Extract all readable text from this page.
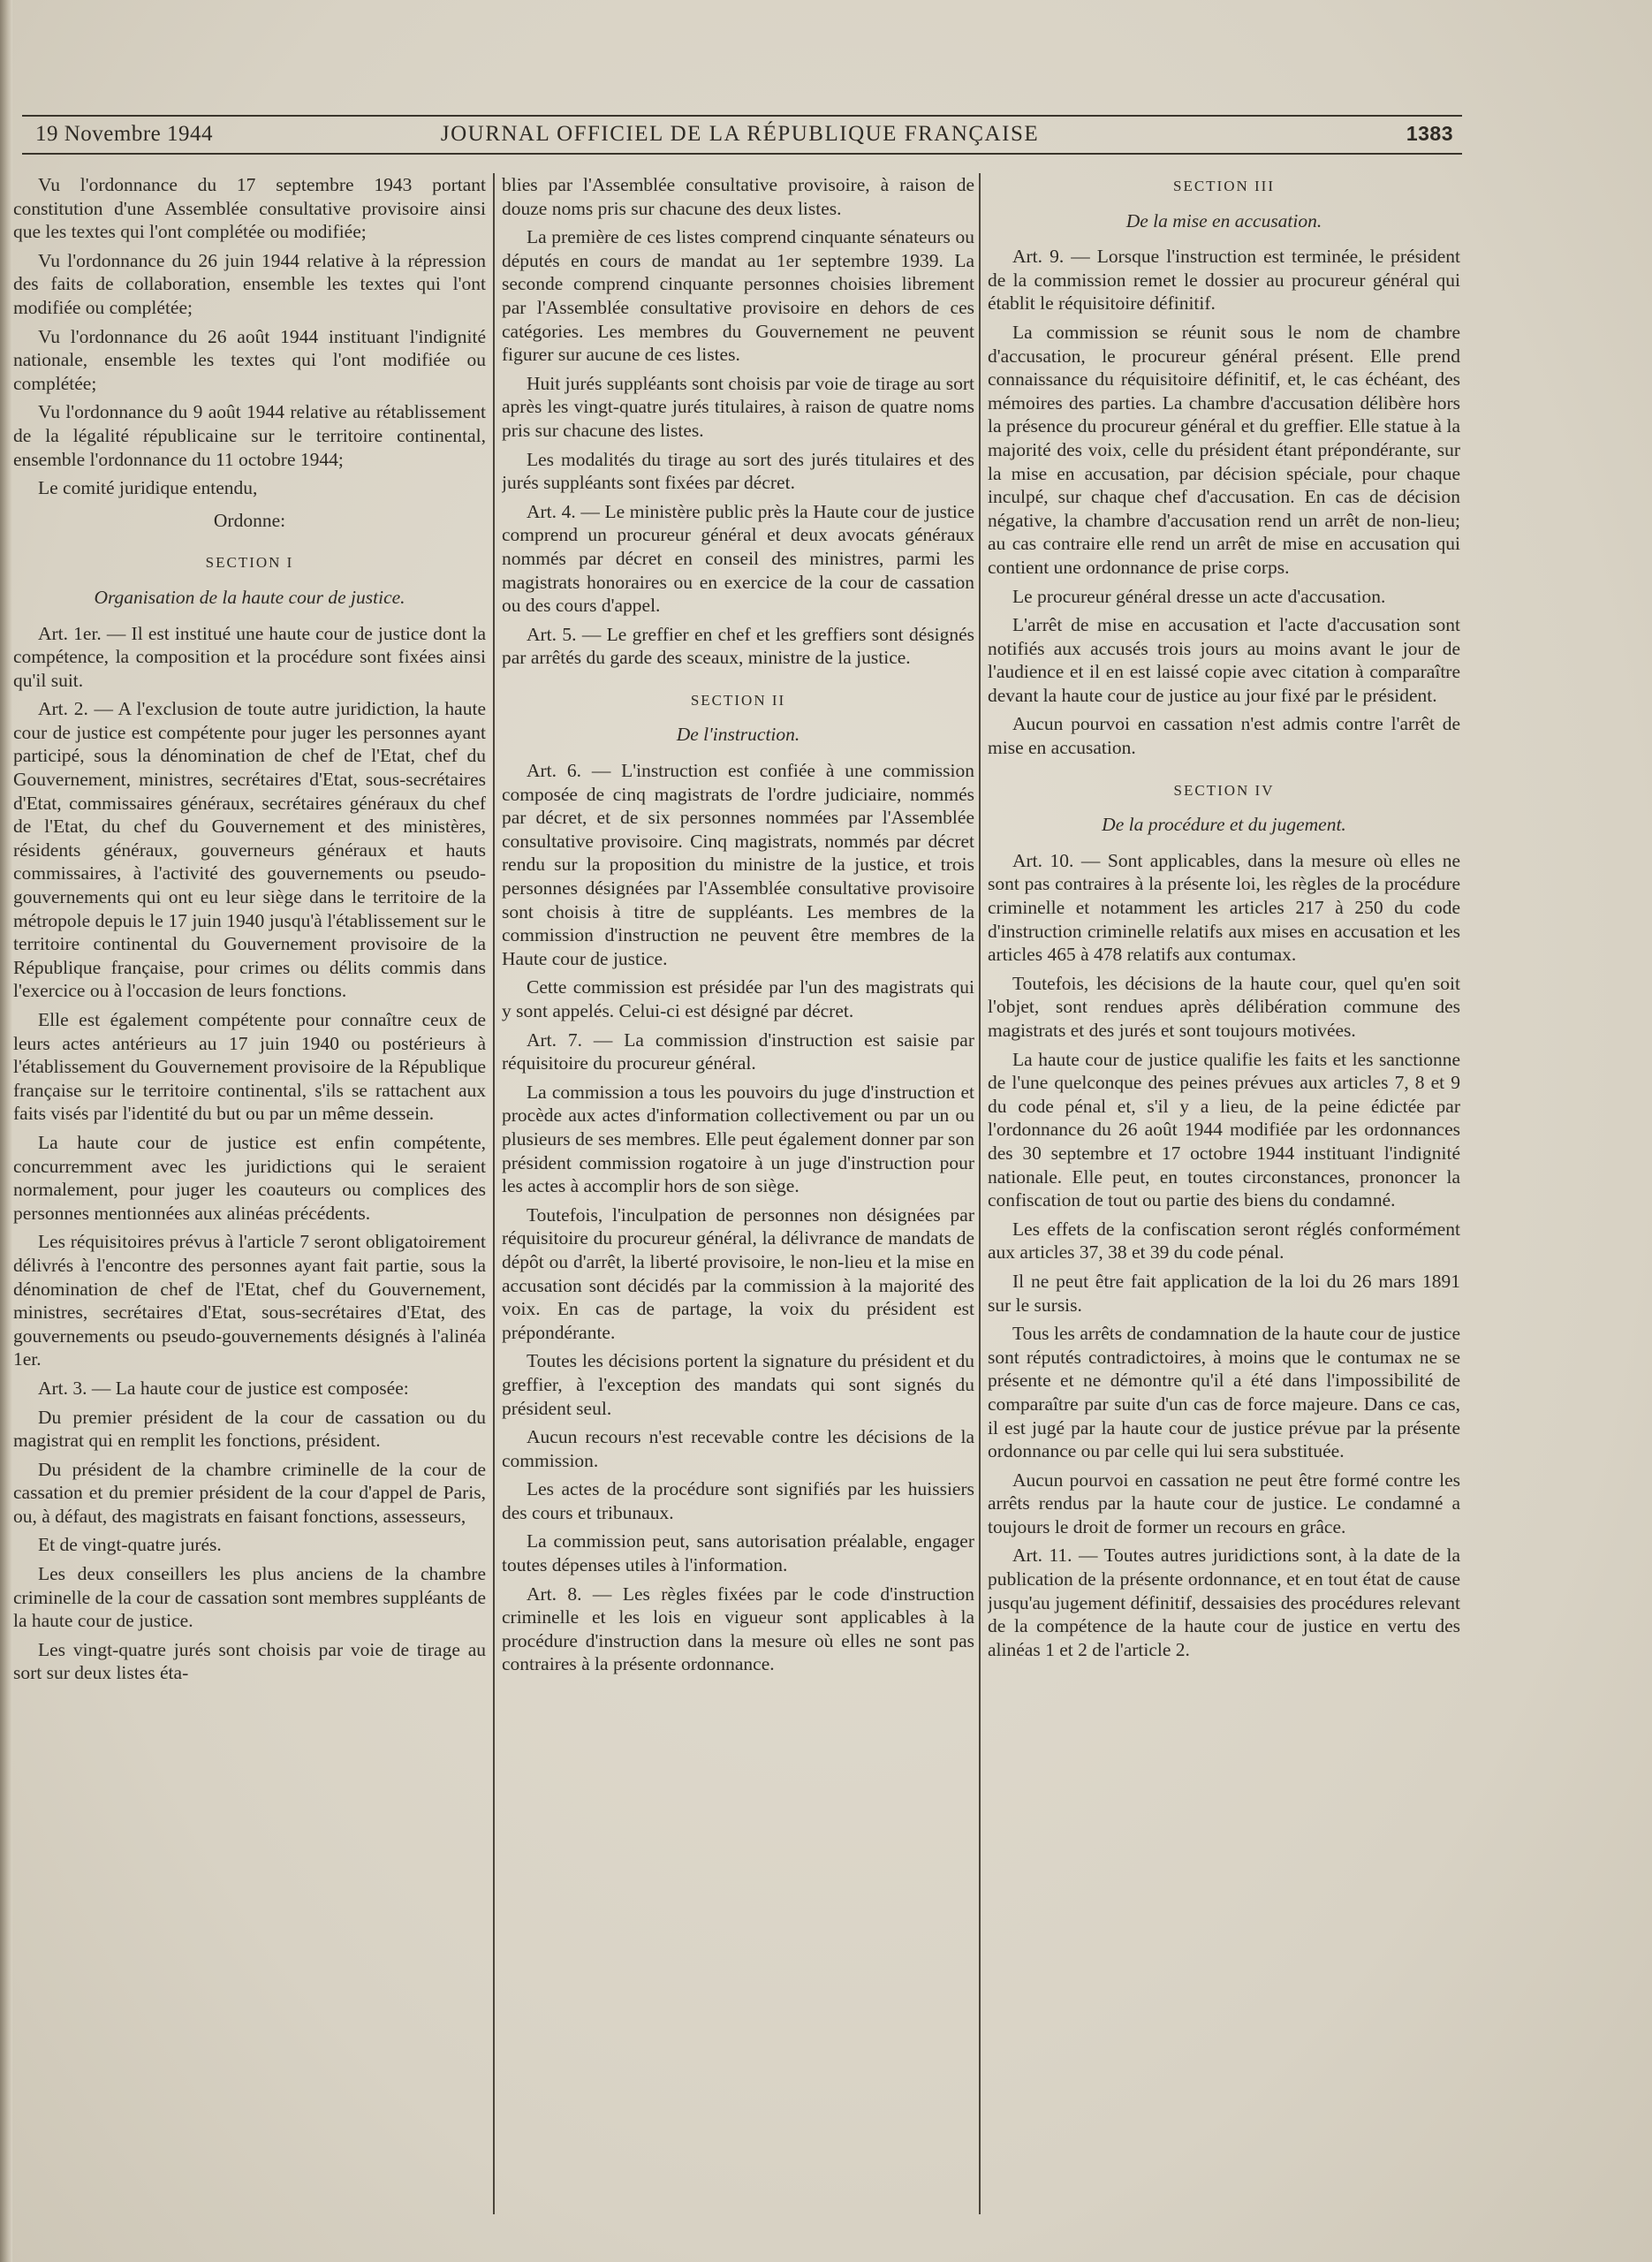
19 Novembre 1944	JOURNAL OFFICIEL DE LA RÉPUBLIQUE FRANÇAISE	1383

Vu l'ordonnance du 17 septembre 1943 portant constitution d'une Assemblée consultative provisoire ainsi que les textes qui l'ont complétée ou modifiée;

Vu l'ordonnance du 26 juin 1944 relative à la répression des faits de collaboration, ensemble les textes qui l'ont modifiée ou complétée;

Vu l'ordonnance du 26 août 1944 instituant l'indignité nationale, ensemble les textes qui l'ont modifiée ou complétée;

Vu l'ordonnance du 9 août 1944 relative au rétablissement de la légalité républicaine sur le territoire continental, ensemble l'ordonnance du 11 octobre 1944;

Le comité juridique entendu,

Ordonne:

SECTION I

Organisation de la haute cour de justice.

Art. 1er. — Il est institué une haute cour de justice dont la compétence, la composition et la procédure sont fixées ainsi qu'il suit.

Art. 2. — A l'exclusion de toute autre juridiction, la haute cour de justice est compétente pour juger les personnes ayant participé, sous la dénomination de chef de l'Etat, chef du Gouvernement, ministres, secrétaires d'Etat, sous-secrétaires d'Etat, commissaires généraux, secrétaires généraux du chef de l'Etat, du chef du Gouvernement et des ministères, résidents généraux, gouverneurs généraux et hauts commissaires, à l'activité des gouvernements ou pseudo-gouvernements qui ont eu leur siège dans le territoire de la métropole depuis le 17 juin 1940 jusqu'à l'établissement sur le territoire continental du Gouvernement provisoire de la République française, pour crimes ou délits commis dans l'exercice ou à l'occasion de leurs fonctions.

Elle est également compétente pour connaître ceux de leurs actes antérieurs au 17 juin 1940 ou postérieurs à l'établissement du Gouvernement provisoire de la République française sur le territoire continental, s'ils se rattachent aux faits visés par l'identité du but ou par un même dessein.

La haute cour de justice est enfin compétente, concurremment avec les juridictions qui le seraient normalement, pour juger les coauteurs ou complices des personnes mentionnées aux alinéas précédents.

Les réquisitoires prévus à l'article 7 seront obligatoirement délivrés à l'encontre des personnes ayant fait partie, sous la dénomination de chef de l'Etat, chef du Gouvernement, ministres, secrétaires d'Etat, sous-secrétaires d'Etat, des gouvernements ou pseudo-gouvernements désignés à l'alinéa 1er.

Art. 3. — La haute cour de justice est composée:

Du premier président de la cour de cassation ou du magistrat qui en remplit les fonctions, président.

Du président de la chambre criminelle de la cour de cassation et du premier président de la cour d'appel de Paris, ou, à défaut, des magistrats en faisant fonctions, assesseurs,

Et de vingt-quatre jurés.

Les deux conseillers les plus anciens de la chambre criminelle de la cour de cassation sont membres suppléants de la haute cour de justice.

Les vingt-quatre jurés sont choisis par voie de tirage au sort sur deux listes éta-

blies par l'Assemblée consultative provisoire, à raison de douze noms pris sur chacune des deux listes.

La première de ces listes comprend cinquante sénateurs ou députés en cours de mandat au 1er septembre 1939. La seconde comprend cinquante personnes choisies librement par l'Assemblée consultative provisoire en dehors de ces catégories. Les membres du Gouvernement ne peuvent figurer sur aucune de ces listes.

Huit jurés suppléants sont choisis par voie de tirage au sort après les vingt-quatre jurés titulaires, à raison de quatre noms pris sur chacune des listes.

Les modalités du tirage au sort des jurés titulaires et des jurés suppléants sont fixées par décret.

Art. 4. — Le ministère public près la Haute cour de justice comprend un procureur général et deux avocats généraux nommés par décret en conseil des ministres, parmi les magistrats honoraires ou en exercice de la cour de cassation ou des cours d'appel.

Art. 5. — Le greffier en chef et les greffiers sont désignés par arrêtés du garde des sceaux, ministre de la justice.

SECTION II

De l'instruction.

Art. 6. — L'instruction est confiée à une commission composée de cinq magistrats de l'ordre judiciaire, nommés par décret, et de six personnes nommées par l'Assemblée consultative provisoire. Cinq magistrats, nommés par décret rendu sur la proposition du ministre de la justice, et trois personnes désignées par l'Assemblée consultative provisoire sont choisis à titre de suppléants. Les membres de la commission d'instruction ne peuvent être membres de la Haute cour de justice.

Cette commission est présidée par l'un des magistrats qui y sont appelés. Celui-ci est désigné par décret.

Art. 7. — La commission d'instruction est saisie par réquisitoire du procureur général.

La commission a tous les pouvoirs du juge d'instruction et procède aux actes d'information collectivement ou par un ou plusieurs de ses membres. Elle peut également donner par son président commission rogatoire à un juge d'instruction pour les actes à accomplir hors de son siège.

Toutefois, l'inculpation de personnes non désignées par réquisitoire du procureur général, la délivrance de mandats de dépôt ou d'arrêt, la liberté provisoire, le non-lieu et la mise en accusation sont décidés par la commission à la majorité des voix. En cas de partage, la voix du président est prépondérante.

Toutes les décisions portent la signature du président et du greffier, à l'exception des mandats qui sont signés du président seul.

Aucun recours n'est recevable contre les décisions de la commission.

Les actes de la procédure sont signifiés par les huissiers des cours et tribunaux.

La commission peut, sans autorisation préalable, engager toutes dépenses utiles à l'information.

Art. 8. — Les règles fixées par le code d'instruction criminelle et les lois en vigueur sont applicables à la procédure d'instruction dans la mesure où elles ne sont pas contraires à la présente ordonnance.

SECTION III

De la mise en accusation.

Art. 9. — Lorsque l'instruction est terminée, le président de la commission remet le dossier au procureur général qui établit le réquisitoire définitif.

La commission se réunit sous le nom de chambre d'accusation, le procureur général présent. Elle prend connaissance du réquisitoire définitif, et, le cas échéant, des mémoires des parties. La chambre d'accusation délibère hors la présence du procureur général et du greffier. Elle statue à la majorité des voix, celle du président étant prépondérante, sur la mise en accusation, par décision spéciale, pour chaque inculpé, sur chaque chef d'accusation. En cas de décision négative, la chambre d'accusation rend un arrêt de non-lieu; au cas contraire elle rend un arrêt de mise en accusation qui contient une ordonnance de prise corps.

Le procureur général dresse un acte d'accusation.

L'arrêt de mise en accusation et l'acte d'accusation sont notifiés aux accusés trois jours au moins avant le jour de l'audience et il en est laissé copie avec citation à comparaître devant la haute cour de justice au jour fixé par le président.

Aucun pourvoi en cassation n'est admis contre l'arrêt de mise en accusation.

SECTION IV

De la procédure et du jugement.

Art. 10. — Sont applicables, dans la mesure où elles ne sont pas contraires à la présente loi, les règles de la procédure criminelle et notamment les articles 217 à 250 du code d'instruction criminelle relatifs aux mises en accusation et les articles 465 à 478 relatifs aux contumax.

Toutefois, les décisions de la haute cour, quel qu'en soit l'objet, sont rendues après délibération commune des magistrats et des jurés et sont toujours motivées.

La haute cour de justice qualifie les faits et les sanctionne de l'une quelconque des peines prévues aux articles 7, 8 et 9 du code pénal et, s'il y a lieu, de la peine édictée par l'ordonnance du 26 août 1944 modifiée par les ordonnances des 30 septembre et 17 octobre 1944 instituant l'indignité nationale. Elle peut, en toutes circonstances, prononcer la confiscation de tout ou partie des biens du condamné.

Les effets de la confiscation seront réglés conformément aux articles 37, 38 et 39 du code pénal.

Il ne peut être fait application de la loi du 26 mars 1891 sur le sursis.

Tous les arrêts de condamnation de la haute cour de justice sont réputés contradictoires, à moins que le contumax ne se présente et ne démontre qu'il a été dans l'impossibilité de comparaître par suite d'un cas de force majeure. Dans ce cas, il est jugé par la haute cour de justice prévue par la présente ordonnance ou par celle qui lui sera substituée.

Aucun pourvoi en cassation ne peut être formé contre les arrêts rendus par la haute cour de justice. Le condamné a toujours le droit de former un recours en grâce.

Art. 11. — Toutes autres juridictions sont, à la date de la publication de la présente ordonnance, et en tout état de cause jusqu'au jugement définitif, dessaisies des procédures relevant de la compétence de la haute cour de justice en vertu des alinéas 1 et 2 de l'article 2.
